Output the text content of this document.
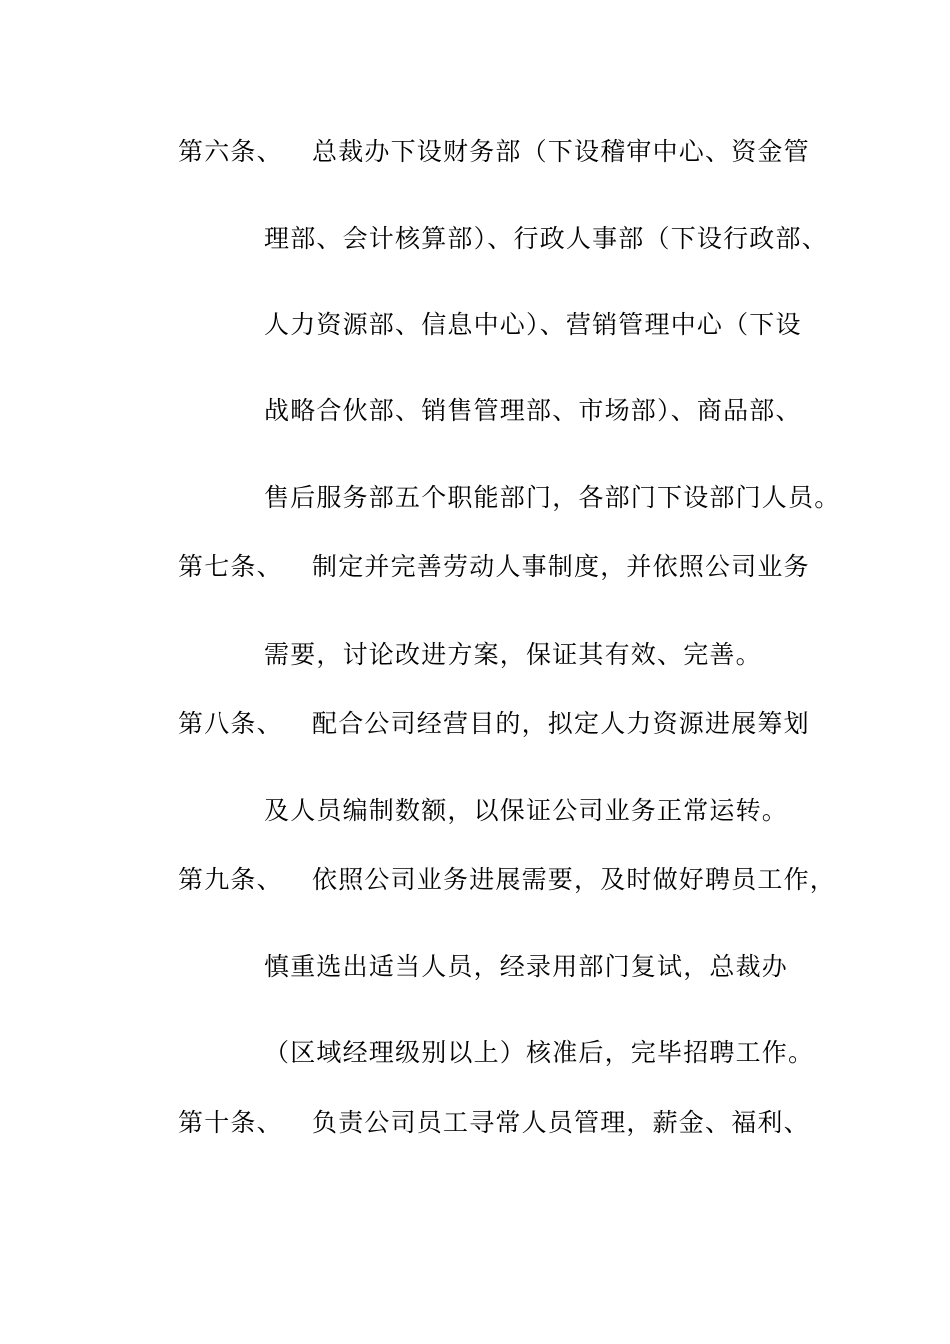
第六条、 总裁办下设财务部（下设稽审中心、资金管
理部、会计核算部）、行政人事部（下设行政部、
人力资源部、信息中心）、营销管理中心（下设
战略合伙部、销售管理部、市场部）、商品部、
售后服务部五个职能部门，各部门下设部门人员。
第七条、 制定并完善劳动人事制度，并依照公司业务
需要，讨论改进方案，保证其有效、完善。
第八条、 配合公司经营目的，拟定人力资源进展筹划
及人员编制数额，以保证公司业务正常运转。
第九条、 依照公司业务进展需要，及时做好聘员工作，
慎重选出适当人员，经录用部门复试，总裁办
（区域经理级别以上）核准后，完毕招聘工作。
第十条、 负责公司员工寻常人员管理，薪金、福利、
